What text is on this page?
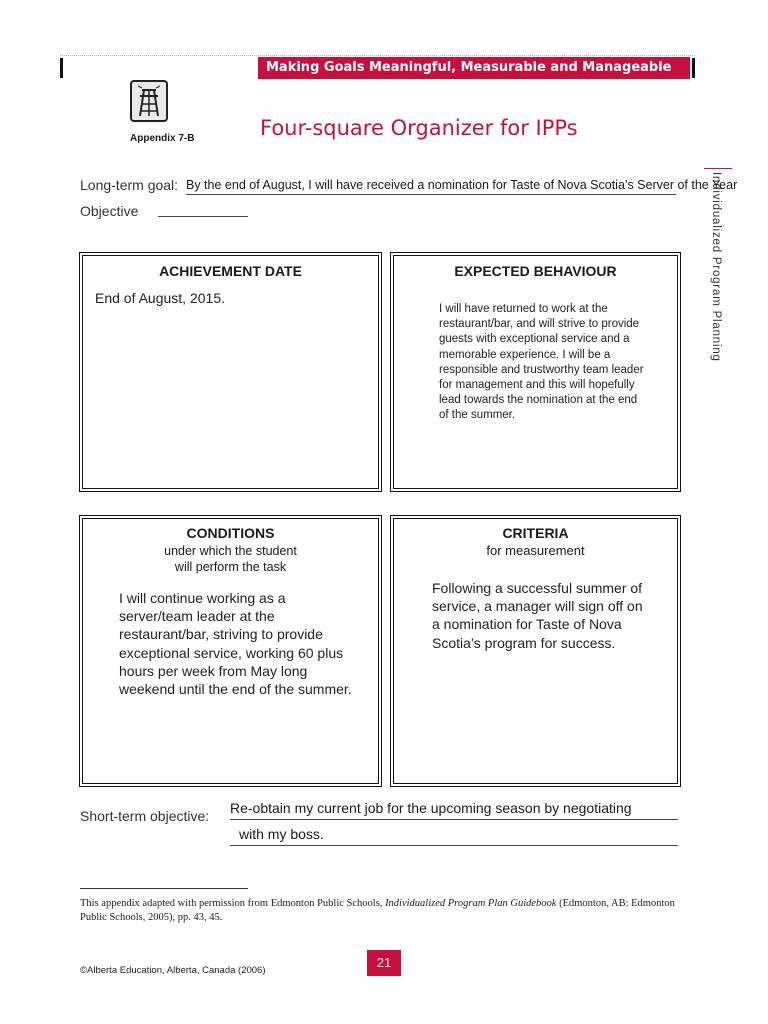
Making Goals Meaningful, Measurable and Manageable
Appendix 7-B	Four-square Organizer for IPPs
Individualized Program Planning
Long-term goal: By the end of August, I will have received a nomination for Taste of Nova Scotia’s Server of the Year
Objective
ACHIEVEMENT DATE
End of August, 2015.
EXPECTED BEHAVIOUR
I will have returned to work at the restaurant/bar, and will strive to provide guests with exceptional service and a memorable experience. I will be a responsible and trustworthy team leader for management and this will hopefully lead towards the nomination at the end of the summer.
CONDITIONS
under which the student will perform the task
I will continue working as a server/team leader at the restaurant/bar, striving to provide exceptional service, working 60 plus hours per week from May long weekend until the end of the summer.
CRITERIA
for measurement
Following a successful summer of service, a manager will sign off on a nomination for Taste of Nova Scotia’s program for success.
Short-term objective: Re-obtain my current job for the upcoming season by negotiating
with my boss.
This appendix adapted with permission from Edmonton Public Schools, Individualized Program Plan Guidebook (Edmonton, AB: Edmonton Public Schools, 2005), pp. 43, 45.
21
©Alberta Education, Alberta, Canada (2006)
